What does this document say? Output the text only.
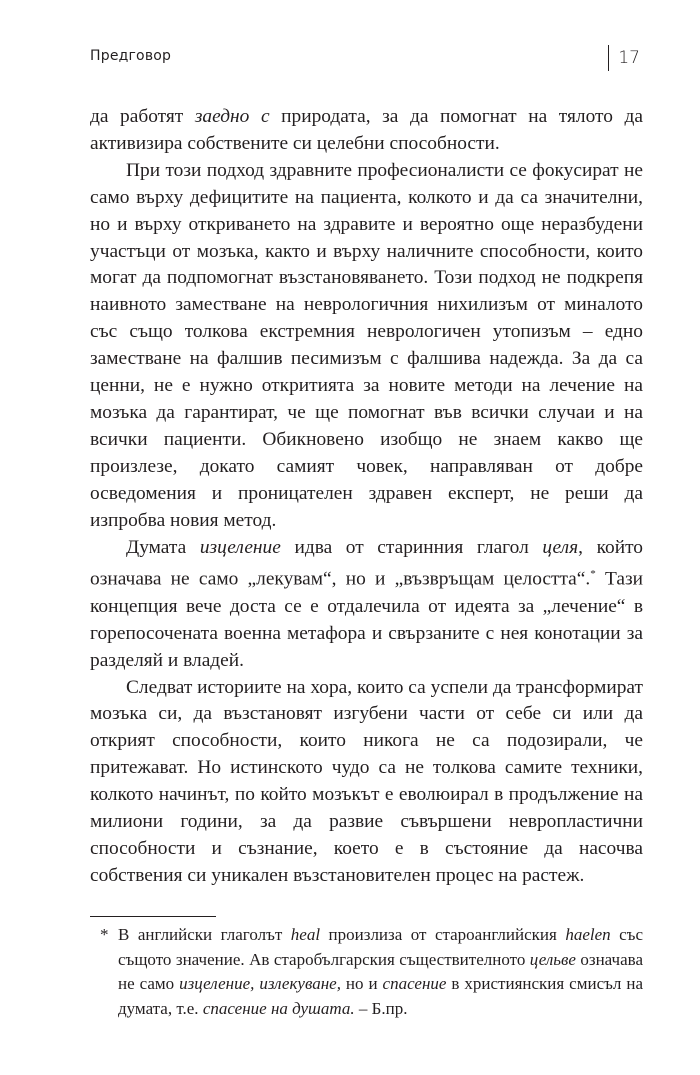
Предговор	17

да работят заедно с природата, за да помогнат на тялото да активизира собствените си целебни способности.

При този подход здравните професионалисти се фокусират не само върху дефицитите на пациента, колкото и да са значителни, но и върху откриването на здравите и вероятно още неразбудени участъци от мозъка, както и върху наличните способности, които могат да подпомогнат възстановяването. Този подход не подкрепя наивното заместване на неврологичния нихилизъм от миналото със също толкова екстремния неврологичен утопизъм – едно заместване на фалшив песимизъм с фалшива надежда. За да са ценни, не е нужно откритията за новите методи на лечение на мозъка да гарантират, че ще помогнат във всички случаи и на всички пациенти. Обикновено изобщо не знаем какво ще произлезе, докато самият човек, направляван от добре осведомения и проницателен здравен експерт, не реши да изпробва новия метод.

Думата изцеление идва от старинния глагол целя, който означава не само „лекувам“, но и „възвръщам целостта“.* Тази концепция вече доста се е отдалечила от идеята за „лечение“ в горепосочената военна метафора и свързаните с нея конотации за разделяй и владей.

Следват историите на хора, които са успели да трансформират мозъка си, да възстановят изгубени части от себе си или да открият способности, които никога не са подозирали, че притежават. Но истинското чудо са не толкова самите техники, колкото начинът, по който мозъкът е еволюирал в продължение на милиони години, за да развие съвършени невропластични способности и съзнание, което е в състояние да насочва собствения си уникален възстановителен процес на растеж.

* В английски глаголът heal произлиза от староанглийския haelen със същото значение. Ав старобългарския съществителното цельве означава не само изцеление, излекуване, но и спасение в християнския смисъл на думата, т.е. спасение на душата. – Б.пр.
